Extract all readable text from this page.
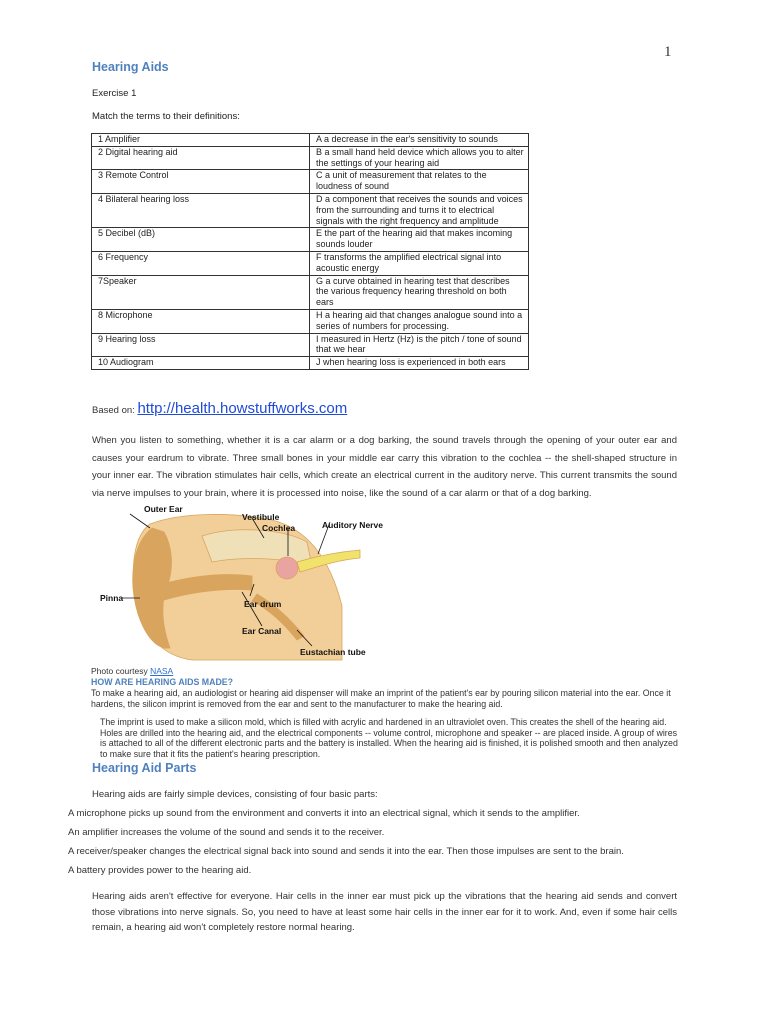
1
Hearing Aids
Exercise 1
Match the terms to their definitions:
1 Amplifier	A a decrease in the ear's sensitivity to sounds
2 Digital hearing aid	B a small hand held device which allows you to alter the settings of your hearing aid
3 Remote Control	C a unit of measurement that relates to the loudness of sound
4 Bilateral hearing loss	D a component that receives the sounds and voices from the surrounding and turns it to electrical signals with the right frequency and amplitude
5 Decibel (dB)	E the part of the hearing aid that makes incoming sounds louder
6 Frequency	F transforms the amplified electrical signal into acoustic energy
7Speaker	G a curve obtained in hearing test that describes the various frequency hearing threshold on both ears
8 Microphone	H a hearing aid that changes analogue sound into a series of numbers for processing.
9 Hearing loss	I measured in Hertz (Hz) is the pitch / tone of sound that we hear
10 Audiogram	J when hearing loss is experienced in both ears
Based on: http://health.howstuffworks.com
When you listen to something, whether it is a car alarm or a dog barking, the sound travels through the opening of your outer ear and causes your eardrum to vibrate. Three small bones in your middle ear carry this vibration to the cochlea -- the shell-shaped structure in your inner ear. The vibration stimulates hair cells, which create an electrical current in the auditory nerve. This current transmits the sound via nerve impulses to your brain, where it is processed into noise, like the sound of a car alarm or that of a dog barking.
Outer Ear
Vestibule
Cochlea	Auditory Nerve
Pinna
Ear drum
Ear Canal
Eustachian tube
Photo courtesy NASA
HOW ARE HEARING AIDS MADE?
To make a hearing aid, an audiologist or hearing aid dispenser will make an imprint of the patient's ear by pouring silicon material into the ear. Once it hardens, the silicon imprint is removed from the ear and sent to the manufacturer to make the hearing aid.
The imprint is used to make a silicon mold, which is filled with acrylic and hardened in an ultraviolet oven. This creates the shell of the hearing aid. Holes are drilled into the hearing aid, and the electrical components -- volume control, microphone and speaker -- are placed inside. A group of wires is attached to all of the different electronic parts and the battery is installed. When the hearing aid is finished, it is polished smooth and then analyzed to make sure that it fits the patient's hearing prescription.
Hearing Aid Parts
Hearing aids are fairly simple devices, consisting of four basic parts:
A microphone picks up sound from the environment and converts it into an electrical signal, which it sends to the amplifier.
An amplifier increases the volume of the sound and sends it to the receiver.
A receiver/speaker changes the electrical signal back into sound and sends it into the ear. Then those impulses are sent to the brain.
A battery provides power to the hearing aid.
Hearing aids aren't effective for everyone. Hair cells in the inner ear must pick up the vibrations that the hearing aid sends and convert those vibrations into nerve signals. So, you need to have at least some hair cells in the inner ear for it to work. And, even if some hair cells remain, a hearing aid won't completely restore normal hearing.
